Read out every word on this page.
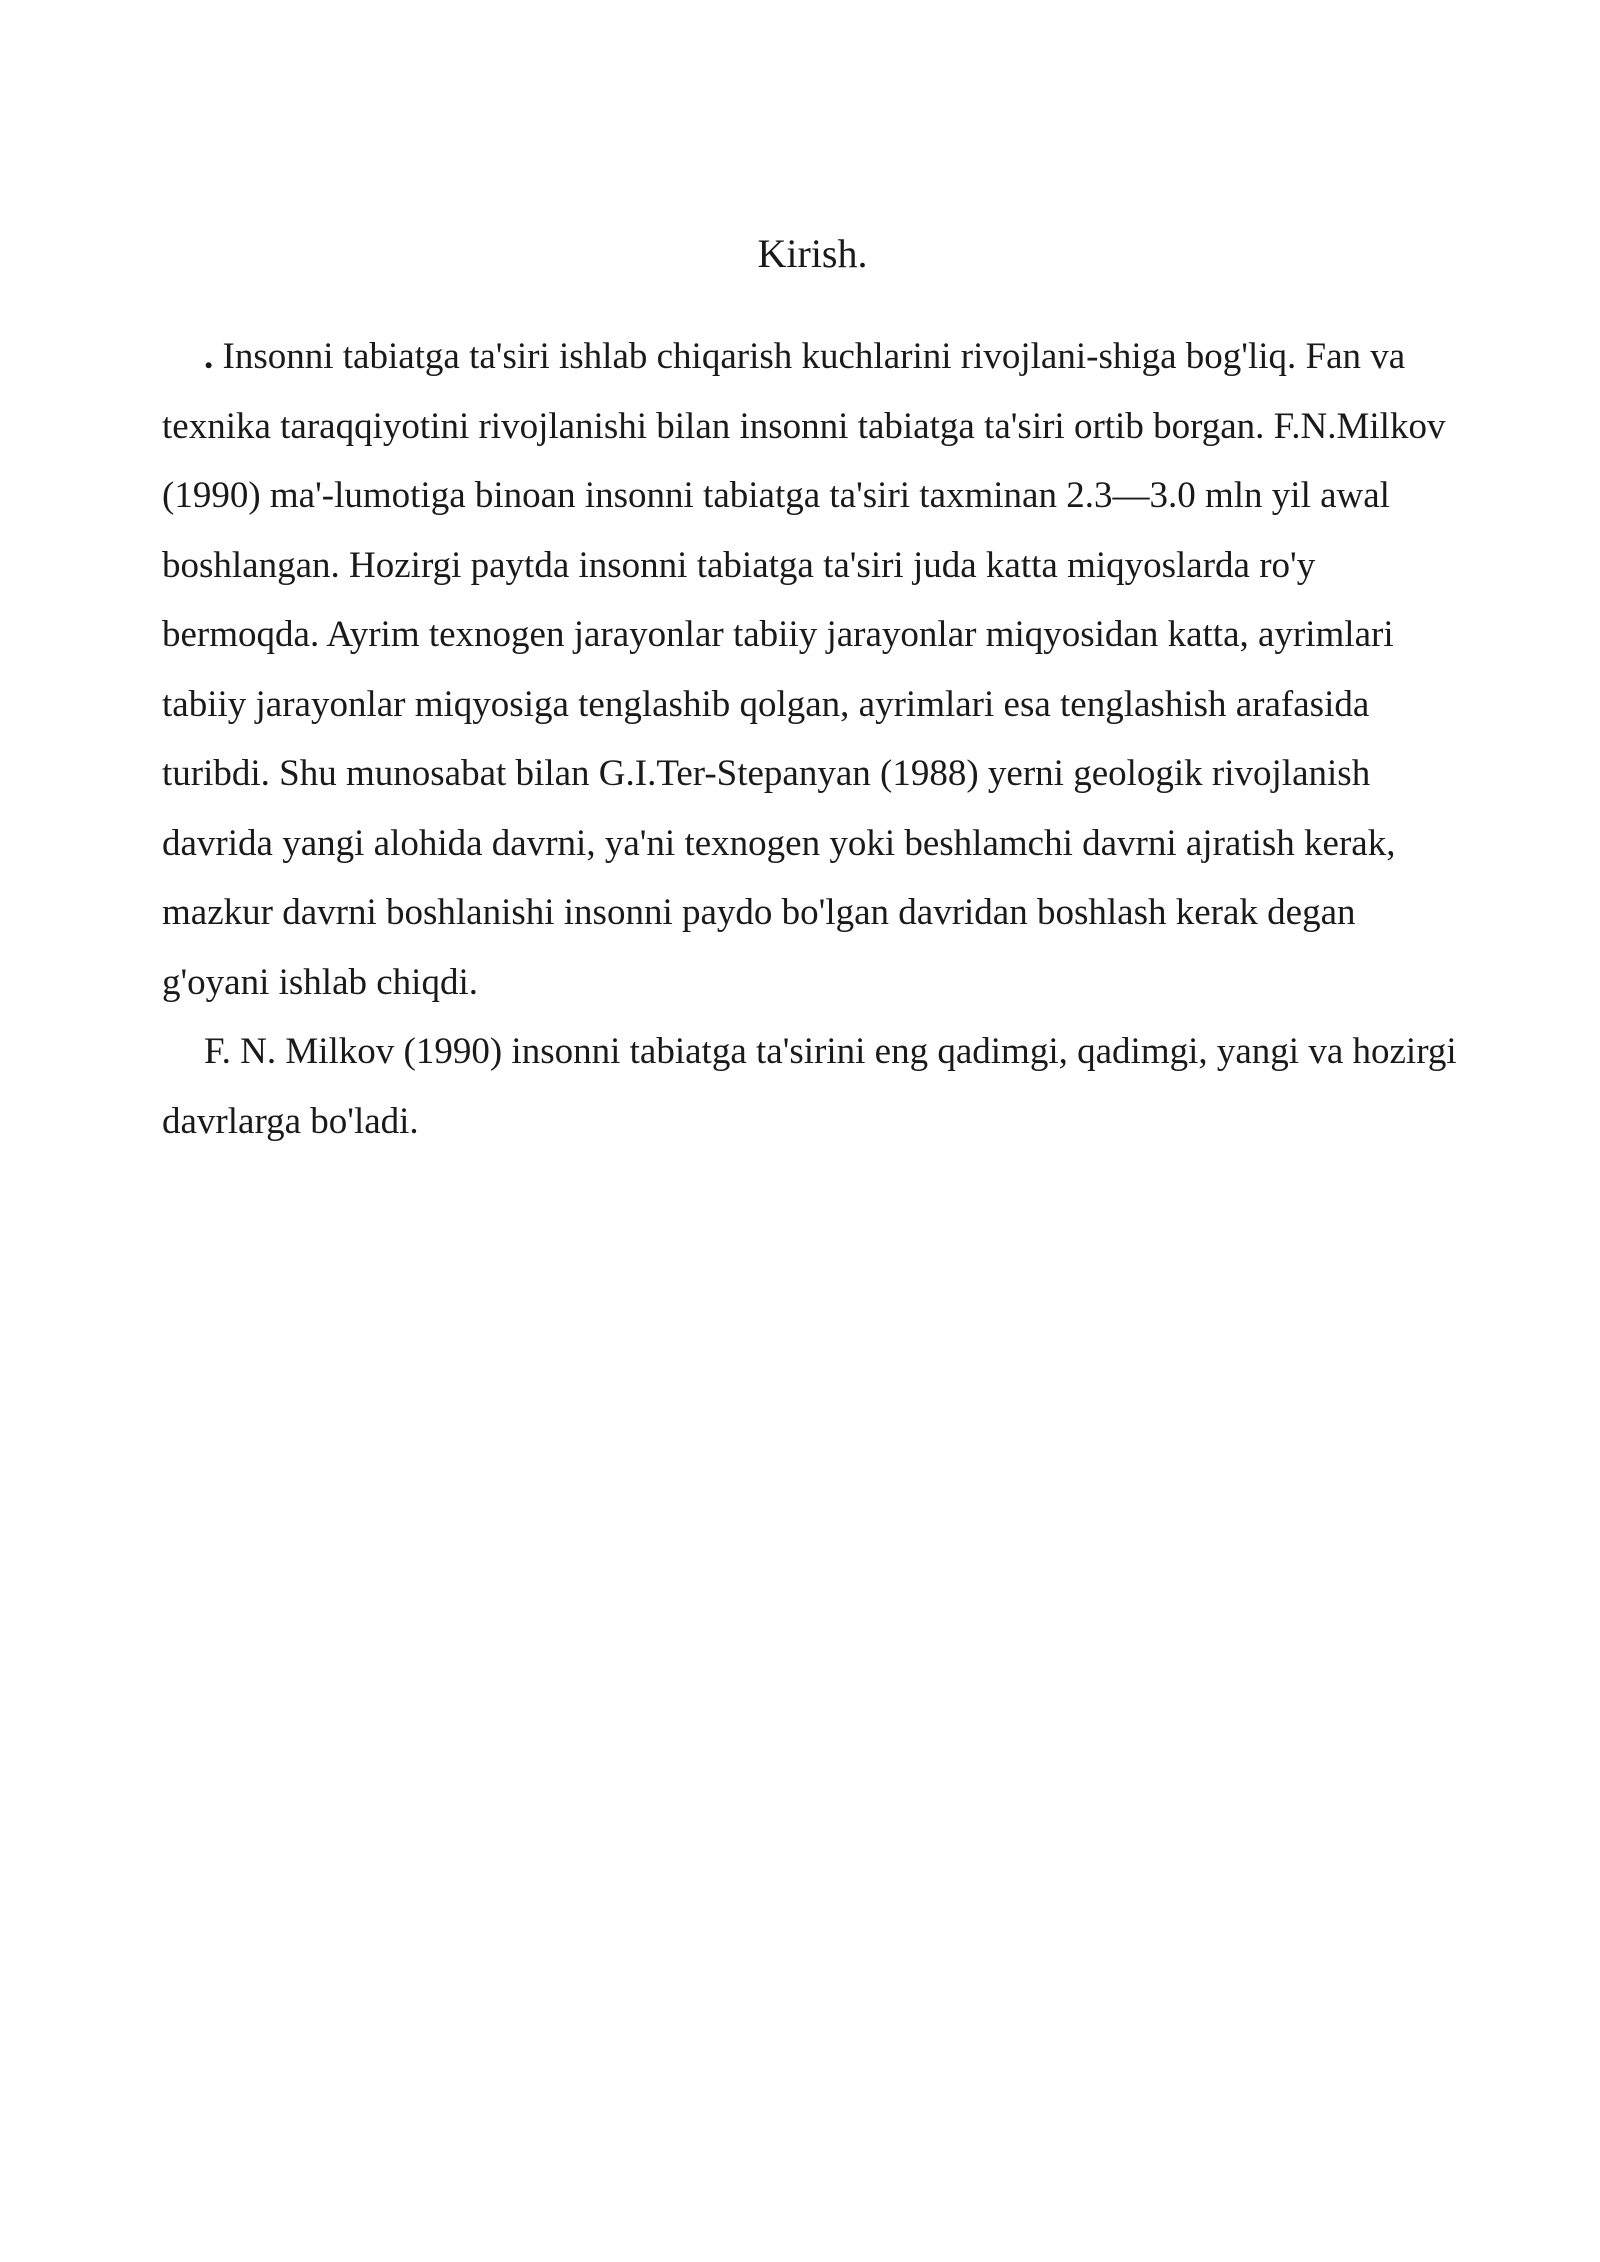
Kirish.

. Insonni tabiatga ta'siri ishlab chiqarish kuchlarini rivojlani-shiga bog'liq. Fan va texnika taraqqiyotini rivojlanishi bilan insonni tabiatga ta'siri ortib borgan. F.N.Milkov (1990) ma'-lumotiga binoan insonni tabiatga ta'siri taxminan 2.3—3.0 mln yil awal boshlangan. Hozirgi paytda insonni tabiatga ta'siri juda katta miqyoslarda ro'y bermoqda. Ayrim texnogen jarayonlar tabiiy jarayonlar miqyosidan katta, ayrimlari tabiiy jarayonlar miqyosiga tenglashib qolgan, ayrimlari esa tenglashish arafasida turibdi. Shu munosabat bilan G.I.Ter-Stepanyan (1988) yerni geologik rivojlanish davrida yangi alohida davrni, ya'ni texnogen yoki beshlamchi davrni ajratish kerak, mazkur davrni boshlanishi insonni paydo bo'lgan davridan boshlash kerak degan g'oyani ishlab chiqdi.

F. N. Milkov (1990) insonni tabiatga ta'sirini eng qadimgi, qadimgi, yangi va hozirgi davrlarga bo'ladi.
